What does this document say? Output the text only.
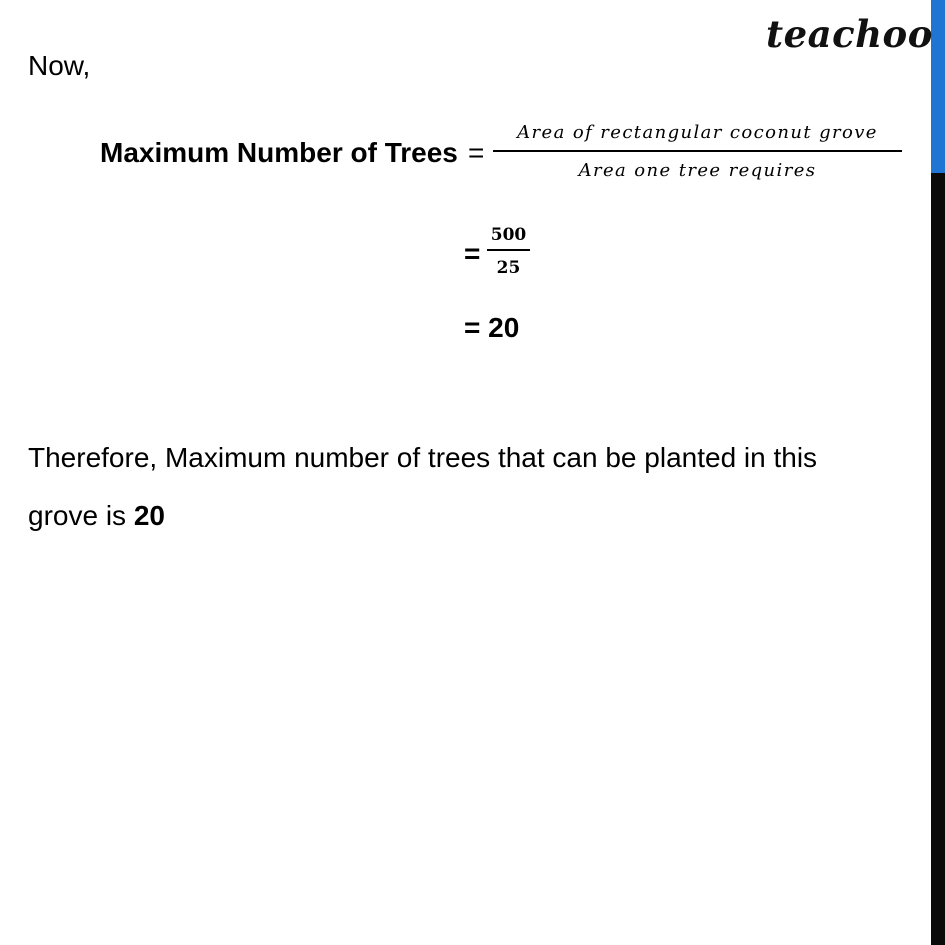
teachoo
Now,
Maximum Number of Trees =
Area of rectangular coconut grove
Area one tree requires
=
500
25
= 20
Therefore, Maximum number of trees that can be planted in this
grove is 20
